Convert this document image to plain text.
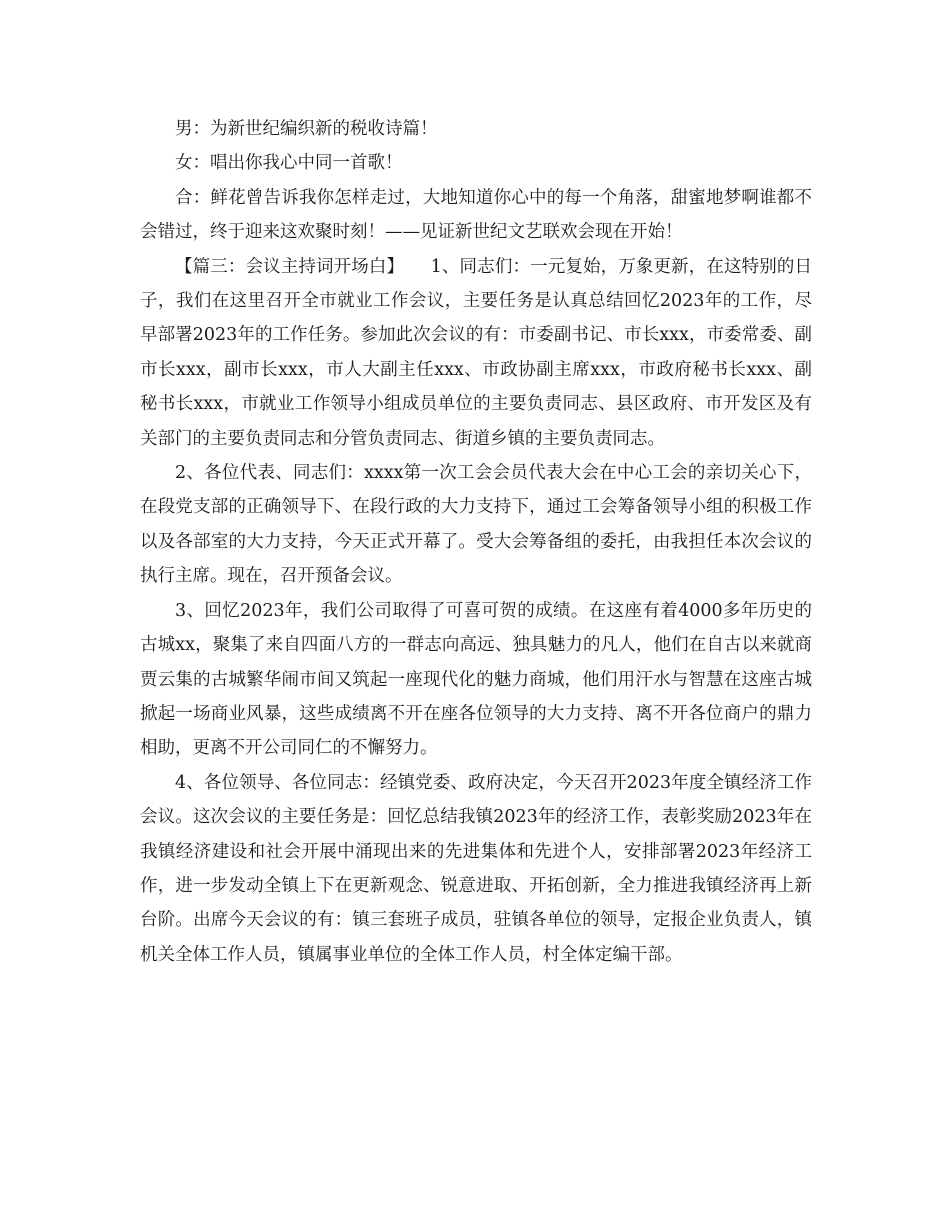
男：为新世纪编织新的税收诗篇！

女：唱出你我心中同一首歌！

合：鲜花曾告诉我你怎样走过，大地知道你心中的每一个角落，甜蜜地梦啊谁都不会错过，终于迎来这欢聚时刻！——见证新世纪文艺联欢会现在开始！

【篇三：会议主持词开场白】　　1、同志们：一元复始，万象更新，在这特别的日子，我们在这里召开全市就业工作会议，主要任务是认真总结回忆2023年的工作，尽早部署2023年的工作任务。参加此次会议的有：市委副书记、市长xxx，市委常委、副市长xxx，副市长xxx，市人大副主任xxx、市政协副主席xxx，市政府秘书长xxx、副秘书长xxx，市就业工作领导小组成员单位的主要负责同志、县区政府、市开发区及有关部门的主要负责同志和分管负责同志、街道乡镇的主要负责同志。

2、各位代表、同志们：xxxx第一次工会会员代表大会在中心工会的亲切关心下，在段党支部的正确领导下、在段行政的大力支持下，通过工会筹备领导小组的积极工作以及各部室的大力支持，今天正式开幕了。受大会筹备组的委托，由我担任本次会议的执行主席。现在，召开预备会议。

3、回忆2023年，我们公司取得了可喜可贺的成绩。在这座有着4000多年历史的古城xx，聚集了来自四面八方的一群志向高远、独具魅力的凡人，他们在自古以来就商贾云集的古城繁华闹市间又筑起一座现代化的魅力商城，他们用汗水与智慧在这座古城掀起一场商业风暴，这些成绩离不开在座各位领导的大力支持、离不开各位商户的鼎力相助，更离不开公司同仁的不懈努力。

4、各位领导、各位同志：经镇党委、政府决定，今天召开2023年度全镇经济工作会议。这次会议的主要任务是：回忆总结我镇2023年的经济工作，表彰奖励2023年在我镇经济建设和社会开展中涌现出来的先进集体和先进个人，安排部署2023年经济工作，进一步发动全镇上下在更新观念、锐意进取、开拓创新，全力推进我镇经济再上新台阶。出席今天会议的有：镇三套班子成员，驻镇各单位的领导，定报企业负责人，镇机关全体工作人员，镇属事业单位的全体工作人员，村全体定编干部。
